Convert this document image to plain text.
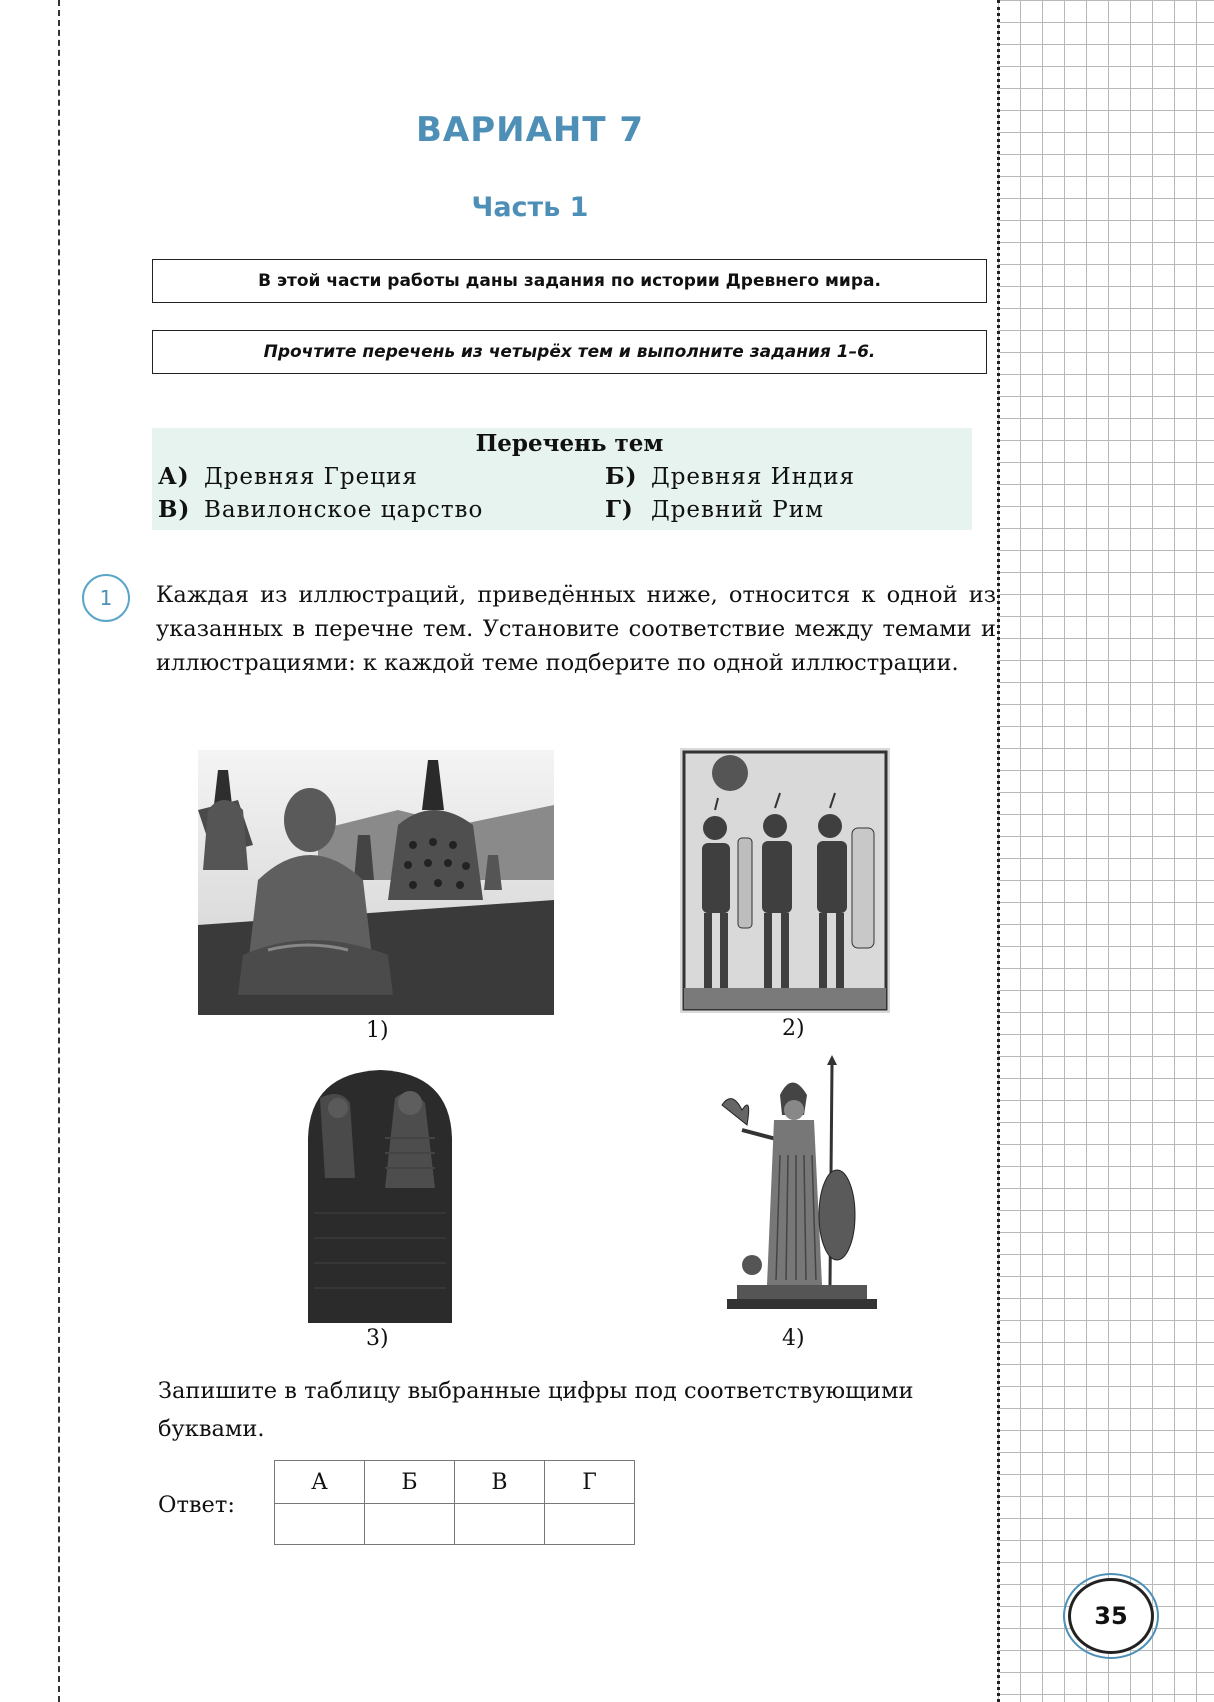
ВАРИАНТ 7
Часть 1
В этой части работы даны задания по истории Древнего мира.
Прочтите перечень из четырёх тем и выполните задания 1–6.
Перечень тем
А) Древняя Греция	Б) Древняя Индия
В) Вавилонское царство	Г) Древний Рим
1	Каждая из иллюстраций, приведённых ниже, относится к одной из указанных в перечне тем. Установите соответствие между темами и иллюстрациями: к каждой теме подберите по одной иллюстрации.
1)	2)
3)	4)
Запишите в таблицу выбранные цифры под соответствующими буквами.
Ответ:
А	Б	В	Г

35
